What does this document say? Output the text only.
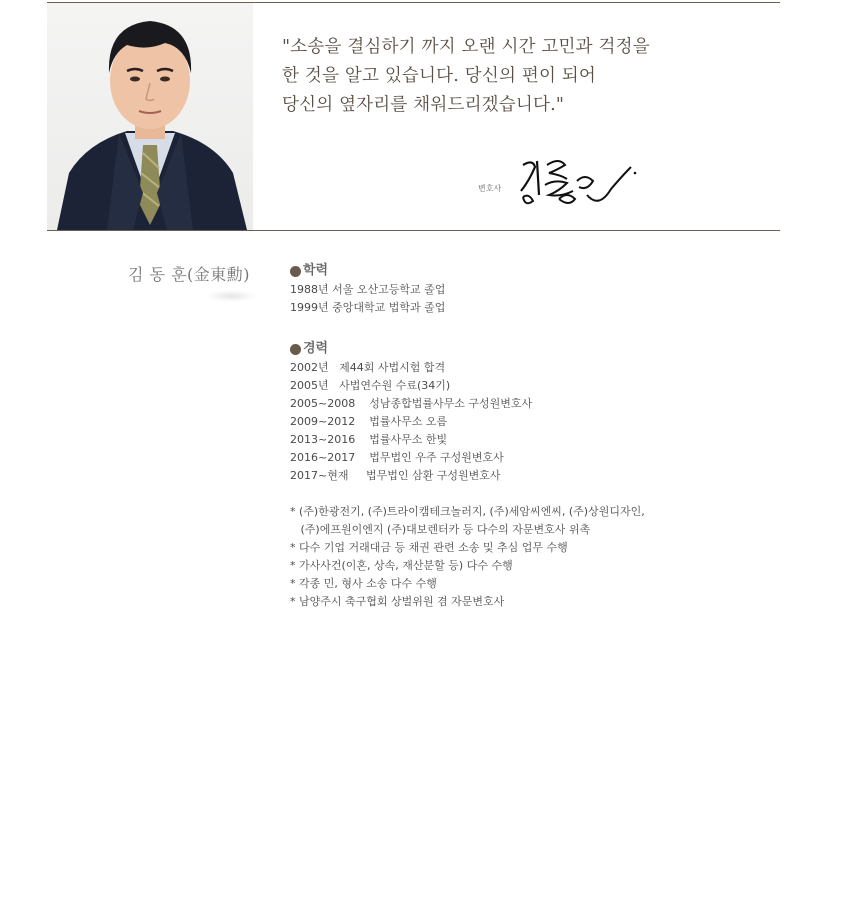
"소송을 결심하기 까지 오랜 시간 고민과 걱정을
한 것을 알고 있습니다. 당신의 편이 되어
당신의 옆자리를 채워드리겠습니다."
변호사
김 동 훈(金東勳)	학력
1988년 서울 오산고등학교 졸업
1999년 중앙대학교 법학과 졸업
경력
2002년   제44회 사법시험 합격
2005년   사법연수원 수료(34기)
2005~2008    성남종합법률사무소 구성원변호사
2009~2012    법률사무소 오름
2013~2016    법률사무소 한빛
2016~2017    법무법인 우주 구성원변호사
2017~현재     법무법인 삼환 구성원변호사
* (주)한광전기, (주)트라이캠테크놀러지, (주)세암씨엔씨, (주)상원디자인,
(주)에프원이엔지 (주)대보렌터카 등 다수의 자문변호사 위촉
* 다수 기업 거래대금 등 채권 관련 소송 및 추심 업무 수행
* 가사사건(이혼, 상속, 재산분할 등) 다수 수행
* 각종 민, 형사 소송 다수 수행
* 남양주시 축구협회 상벌위원 겸 자문변호사
